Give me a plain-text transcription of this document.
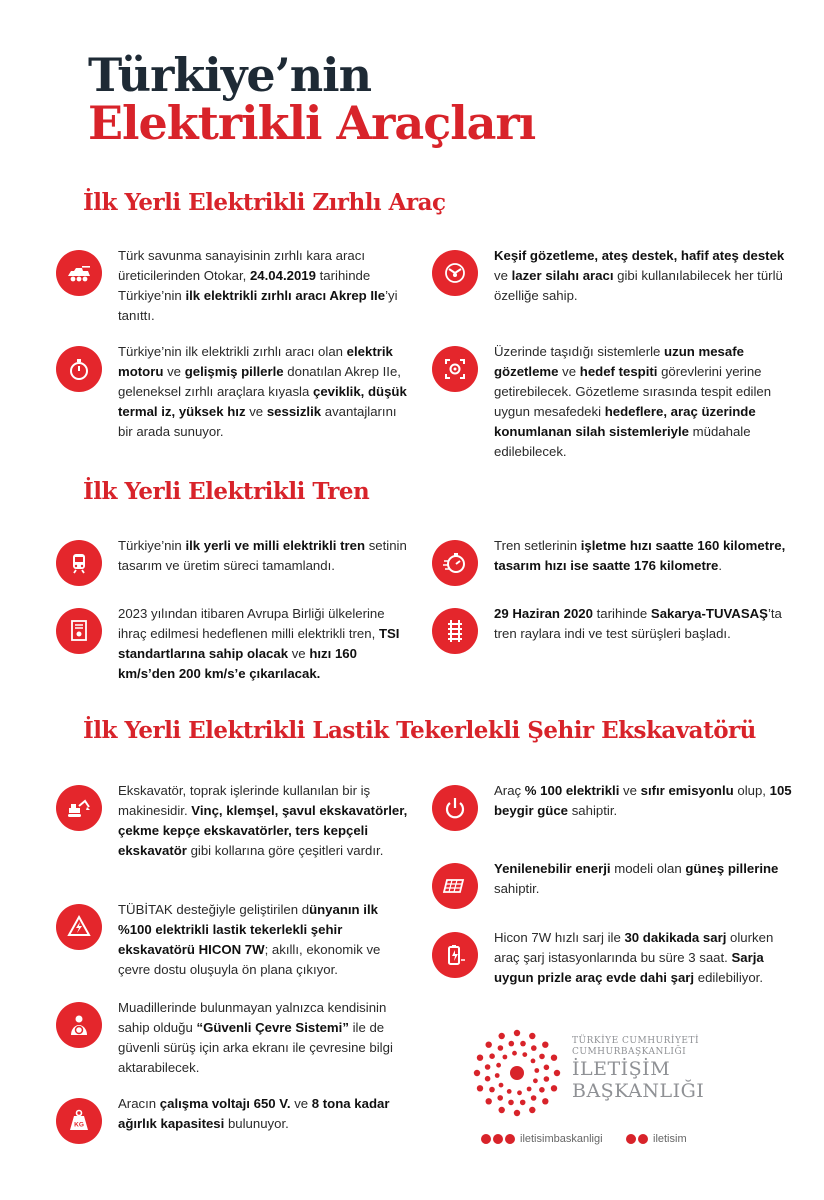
Türkiye’nin
Elektrikli Araçları
İlk Yerli Elektrikli Zırhlı Araç
Türk savunma sanayisinin zırhlı kara aracı üreticilerinden Otokar, 24.04.2019 tarihinde Türkiye’nin ilk elektrikli zırhlı aracı Akrep IIe’yi tanıttı.
Keşif gözetleme, ateş destek, hafif ateş destek ve lazer silahı aracı gibi kullanılabilecek her türlü özelliğe sahip.
Türkiye’nin ilk elektrikli zırhlı aracı olan elektrik motoru ve gelişmiş pillerle donatılan Akrep IIe, geleneksel zırhlı araçlara kıyasla çeviklik, düşük termal iz, yüksek hız ve sessizlik avantajlarını bir arada sunuyor.
Üzerinde taşıdığı sistemlerle uzun mesafe gözetleme ve hedef tespiti görevlerini yerine getirebilecek. Gözetleme sırasında tespit edilen uygun mesafedeki hedeflere, araç üzerinde konumlanan silah sistemleriyle müdahale edilebilecek.
İlk Yerli Elektrikli Tren
Türkiye’nin ilk yerli ve milli elektrikli tren setinin tasarım ve üretim süreci tamamlandı.
Tren setlerinin işletme hızı saatte 160 kilometre, tasarım hızı ise saatte 176 kilometre.
2023 yılından itibaren Avrupa Birliği ülkelerine ihraç edilmesi hedeflenen milli elektrikli tren, TSI standartlarına sahip olacak ve hızı 160 km/s’den 200 km/s’e çıkarılacak.
29 Haziran 2020 tarihinde Sakarya-TUVASAŞ’ta tren raylara indi ve test sürüşleri başladı.
İlk Yerli Elektrikli Lastik Tekerlekli Şehir Ekskavatörü
Ekskavatör, toprak işlerinde kullanılan bir iş makinesidir. Vinç, klemşel, şavul ekskavatörler, çekme kepçe ekskavatörler, ters kepçeli ekskavatör gibi kollarına göre çeşitleri vardır.
Araç % 100 elektrikli ve sıfır emisyonlu olup, 105 beygir güce sahiptir.
Yenilenebilir enerji modeli olan güneş pillerine sahiptir.
TÜBİTAK desteğiyle geliştirilen dünyanın ilk %100 elektrikli lastik tekerlekli şehir ekskavatörü HICON 7W; akıllı, ekonomik ve çevre dostu oluşuyla ön plana çıkıyor.
Hicon 7W hızlı sarj ile 30 dakikada sarj olurken araç şarj istasyonlarında bu süre 3 saat. Sarja uygun prizle araç evde dahi şarj edilebiliyor.
Muadillerinde bulunmayan yalnızca kendisinin sahip olduğu “Güvenli Çevre Sistemi” ile de güvenli sürüş için arka ekranı ile çevresine bilgi aktarabilecek.
KG
Aracın çalışma voltajı 650 V. ve 8 tona kadar ağırlık kapasitesi bulunuyor.
TÜRKİYE CUMHURİYETİ
CUMHURBAŞKANLIĞI
İLETİŞİM
BAŞKANLIĞI
iletisimbaskanligi	iletisim
